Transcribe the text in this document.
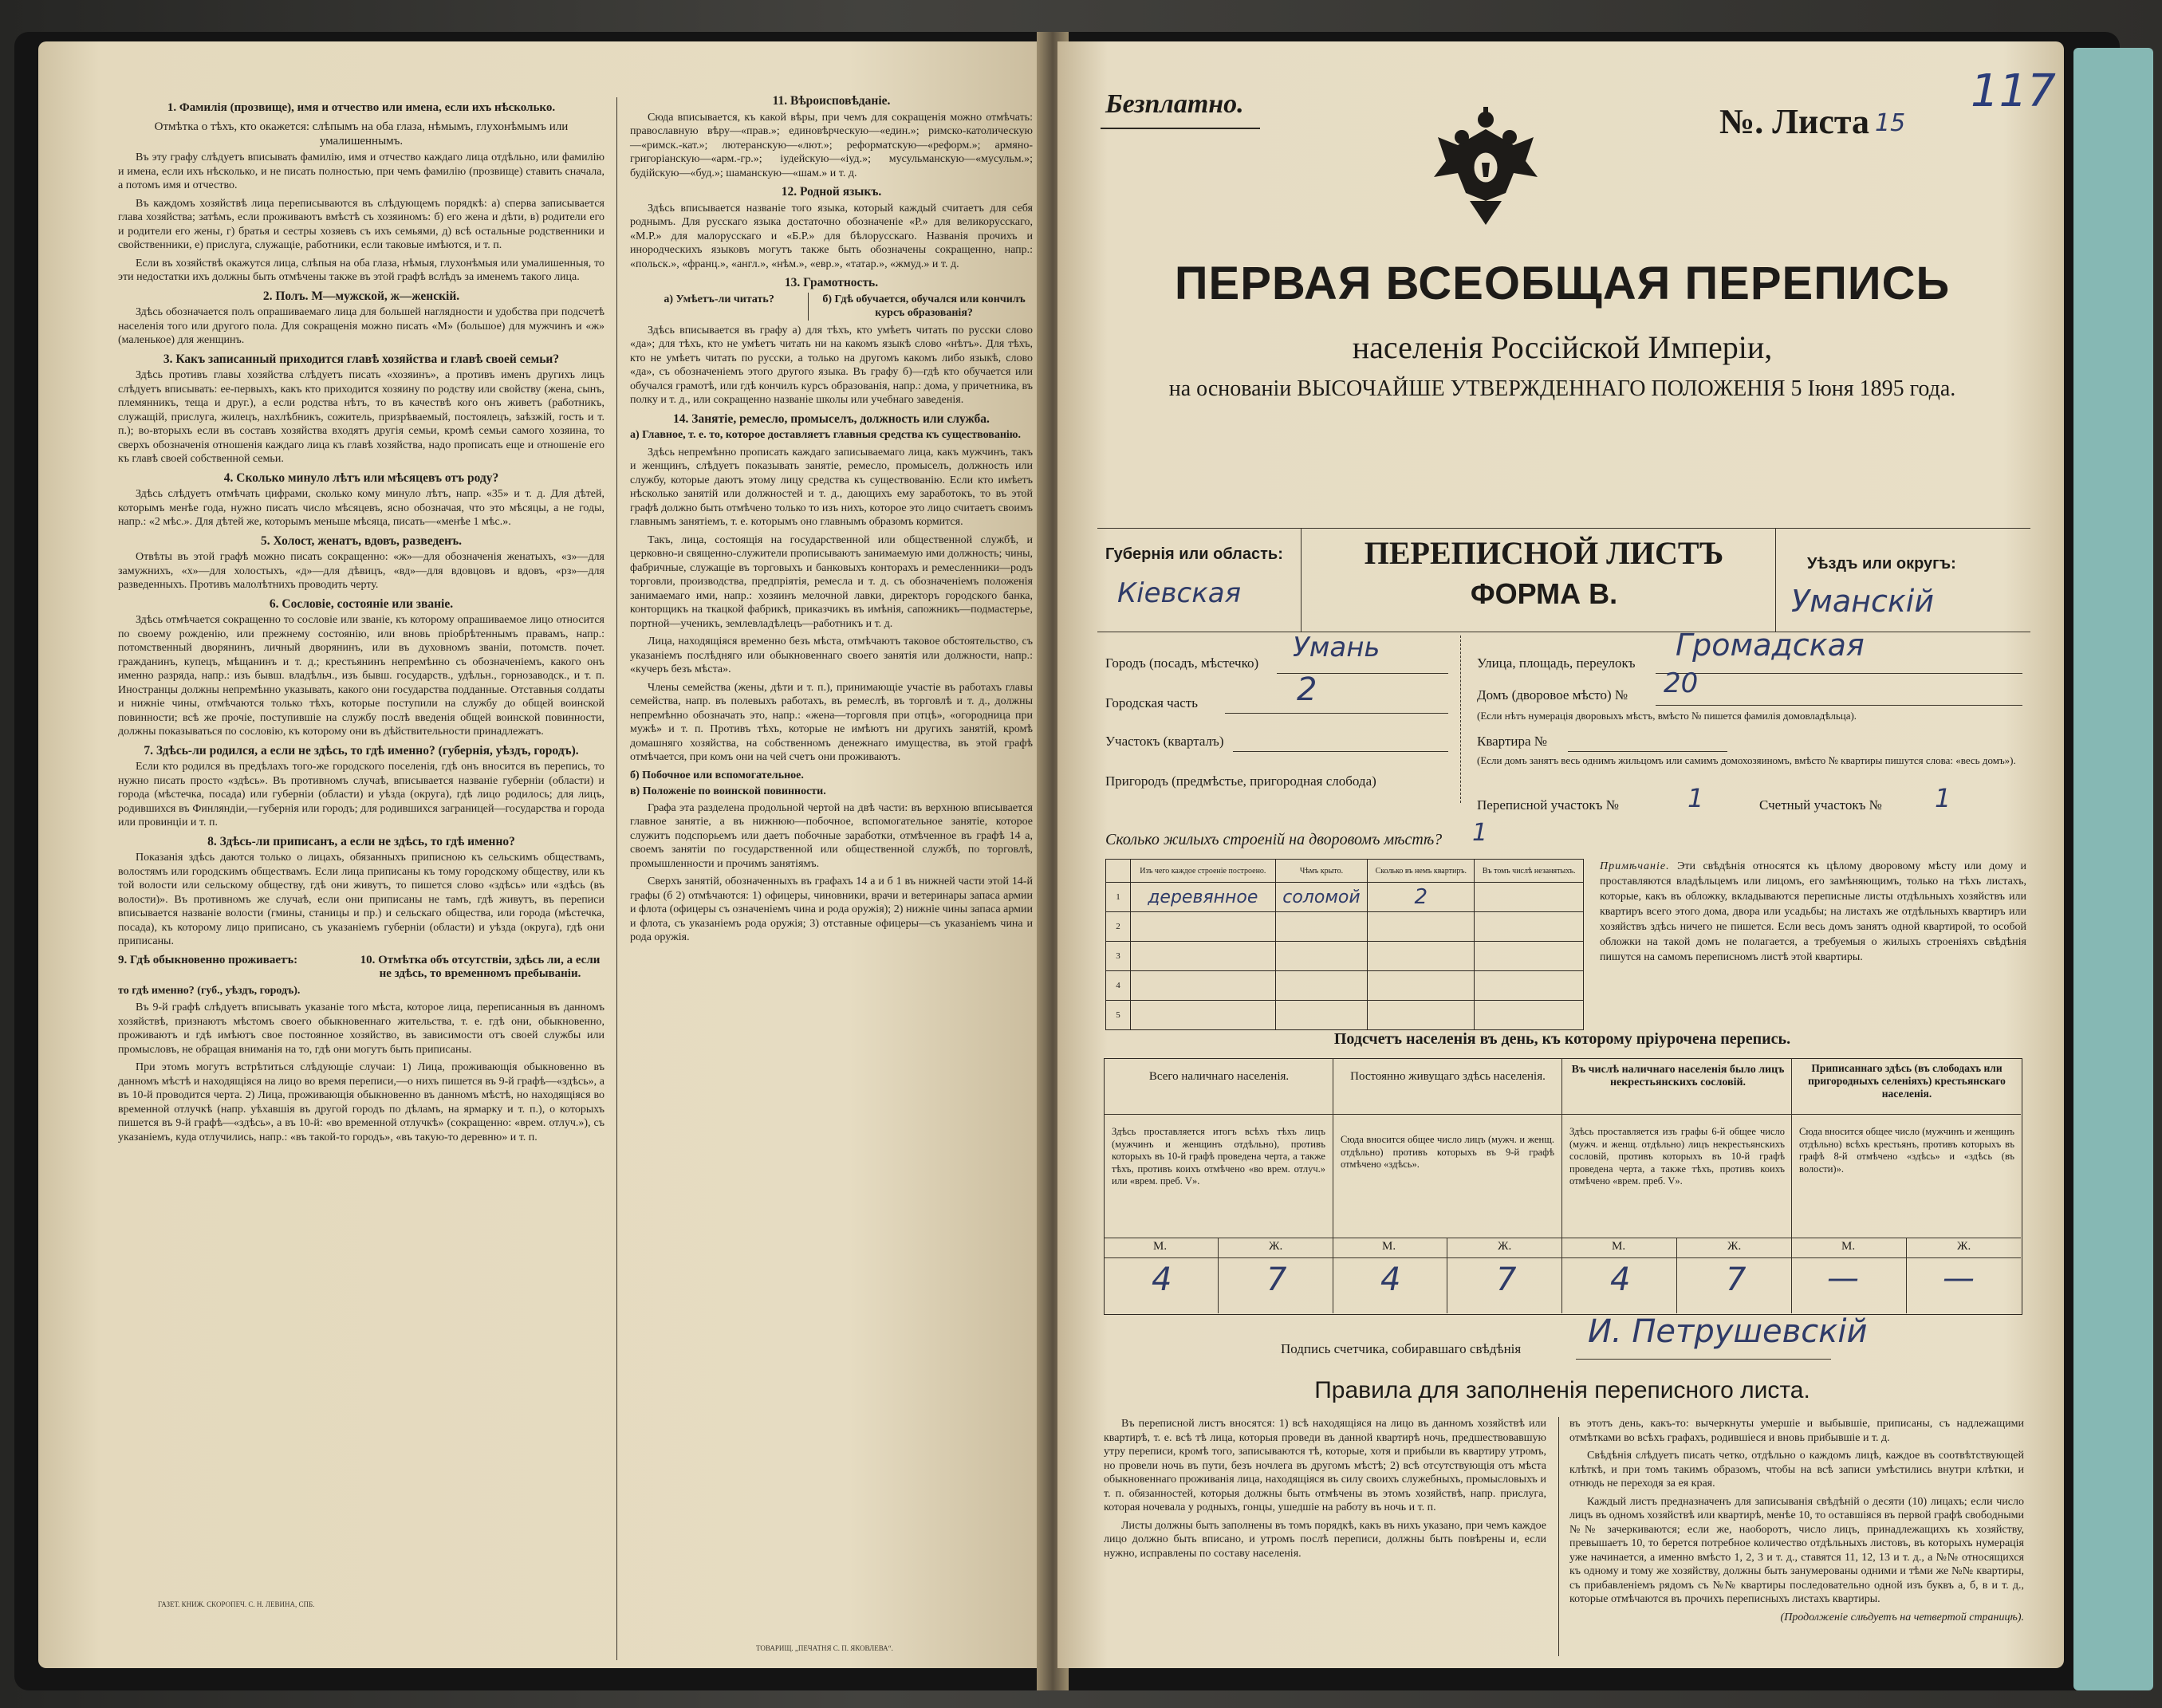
1. Фамилія (прозвище), имя и отчество или имена, если ихъ нѣсколько.
Отмѣтка о тѣхъ, кто окажется: слѣпымъ на оба глаза, нѣмымъ, глухонѣмымъ или умалишеннымъ.

Въ эту графу слѣдуетъ вписывать фамилію, имя и отчество каждаго лица отдѣльно, или фамилію и имена, если ихъ нѣсколько, и не писать полностью, при чемъ фамилію (прозвище) ставить сначала, а потомъ имя и отчество.

Въ каждомъ хозяйствѣ лица переписываются въ слѣдующемъ порядкѣ: а) сперва записывается глава хозяйства; затѣмъ, если проживаютъ вмѣстѣ съ хозяиномъ: б) его жена и дѣти, в) родители его и родители его жены, г) братья и сестры хозяевъ съ ихъ семьями, д) всѣ остальные родственники и свойственники, е) прислуга, служащіе, работники, если таковые имѣются, и т. п.

Если въ хозяйствѣ окажутся лица, слѣпыя на оба глаза, нѣмыя, глухонѣмыя или умалишенныя, то эти недостатки ихъ должны быть отмѣчены также въ этой графѣ вслѣдъ за именемъ такого лица.

2. Полъ. М—мужской, ж—женскій.

Здѣсь обозначается полъ опрашиваемаго лица для большей наглядности и удобства при подсчетѣ населенія того или другого пола. Для сокращенія можно писать «М» (большое) для мужчинъ и «ж» (маленькое) для женщинъ.

3. Какъ записанный приходится главѣ хозяйства и главѣ своей семьи?

Здѣсь противъ главы хозяйства слѣдуетъ писать «хозяинъ», а противъ именъ другихъ лицъ слѣдуетъ вписывать: ее-первыхъ, какъ кто приходится хозяину по родству или свойству (жена, сынъ, племянникъ, теща и друг.), а если родства нѣтъ, то въ качествѣ кого онъ живетъ (работникъ, служащій, прислуга, жилецъ, нахлѣбникъ, сожитель, призрѣваемый, постоялецъ, заѣзжій, гость и т. п.); во-вторыхъ если въ составъ хозяйства входятъ другія семьи, кромѣ семьи самого хозяина, то сверхъ обозначенія отношенія каждаго лица къ главѣ хозяйства, надо прописать еще и отношеніе его къ главѣ своей собственной семьи.

4. Сколько минуло лѣтъ или мѣсяцевъ отъ роду?

Здѣсь слѣдуетъ отмѣчать цифрами, сколько кому минуло лѣтъ, напр. «35» и т. д. Для дѣтей, которымъ менѣе года, нужно писать число мѣсяцевъ, ясно обозначая, что это мѣсяцы, а не годы, напр.: «2 мѣс.». Для дѣтей же, которымъ меньше мѣсяца, писать—«менѣе 1 мѣс.».

5. Холост, женатъ, вдовъ, разведенъ.

Отвѣты въ этой графѣ можно писать сокращенно: «ж»—для обозначенія женатыхъ, «з»—для замужнихъ, «х»—для холостыхъ, «д»—для дѣвицъ, «вд»—для вдовцовъ и вдовъ, «рз»—для разведенныхъ. Противъ малолѣтнихъ проводить черту.

6. Сословіе, состояніе или званіе.

Здѣсь отмѣчается сокращенно то сословіе или званіе, къ которому опрашиваемое лицо относится по своему рожденію, или прежнему состоянію, или вновь пріобрѣтеннымъ правамъ, напр.: потомственный дворянинъ, личный дворянинъ, или въ духовномъ званіи, потомств. почет. гражданинъ, купецъ, мѣщанинъ и т. д.; крестьянинъ непремѣнно съ обозначеніемъ, какого онъ именно разряда, напр.: изъ бывш. владѣльч., изъ бывш. государств., удѣльн., горнозаводск., и т. п. Иностранцы должны непремѣнно указывать, какого они государства подданные. Отставныя солдаты и нижніе чины, отмѣчаются только тѣхъ, которые поступили на службу до общей воинской повинности; всѣ же прочіе, поступившіе на службу послѣ введенія общей воинской повинности, должны показываться по сословію, къ которому они въ дѣйствительности принадлежатъ.

7. Здѣсь-ли родился, а если не здѣсь, то гдѣ именно? (губернія, уѣздъ, городъ).

Если кто родился въ предѣлахъ того-же городского поселенія, гдѣ онъ вносится въ перепись, то нужно писать просто «здѣсь». Въ противномъ случаѣ, вписывается названіе губерніи (области) и города (мѣстечка, посада) или губерніи (области) и уѣзда (округа), гдѣ лицо родилось; для лицъ, родившихся въ Финляндіи,—губернія или городъ; для родившихся заграницей—государства и города или провинціи и т. п.

8. Здѣсь-ли приписанъ, а если не здѣсь, то гдѣ именно?

Показанія здѣсь даются только о лицахъ, обязанныхъ приписною къ сельскимъ обществамъ, волостямъ или городскимъ обществамъ. Если лица приписаны къ тому городскому обществу, или къ той волости или сельскому обществу, гдѣ они живутъ, то пишется слово «здѣсь» или «здѣсь (въ волости)». Въ противномъ же случаѣ, если они приписаны не тамъ, гдѣ живутъ, въ переписи вписывается названіе волости (гмины, станицы и пр.) и сельскаго общества, или города (мѣстечка, посада), къ которому лицо приписано, съ указаніемъ губерніи (области) и уѣзда (округа), гдѣ они приписаны.

9. Гдѣ обыкновенно проживаетъ:	10. Отмѣтка объ отсутствіи, здѣсь ли, а если не здѣсь, то временномъ пребываніи.
то гдѣ именно? (губ., уѣздъ, городъ).

Въ 9-й графѣ слѣдуетъ вписывать указаніе того мѣста, которое лица, переписанныя въ данномъ хозяйствѣ, признаютъ мѣстомъ своего обыкновеннаго жительства, т. е. гдѣ они, обыкновенно, проживаютъ и гдѣ имѣютъ свое постоянное хозяйство, въ зависимости отъ своей службы или промысловъ, не обращая вниманія на то, гдѣ они могутъ быть приписаны.

При этомъ могутъ встрѣтиться слѣдующіе случаи: 1) Лица, проживающія обыкновенно въ данномъ мѣстѣ и находящіяся на лицо во время переписи,—о нихъ пишется въ 9-й графѣ—«здѣсь», а въ 10-й проводится черта. 2) Лица, проживающія обыкновенно въ данномъ мѣстѣ, но находящіяся во временной отлучкѣ (напр. уѣхавшія въ другой городъ по дѣламъ, на ярмарку и т. п.), о которыхъ пишется въ 9-й графѣ—«здѣсь», а въ 10-й: «во временной отлучкѣ» (сокращенно: «врем. отлуч.»), съ указаніемъ, куда отлучились, напр.: «въ такой-то городъ», «въ такую-то деревню» и т. п.

ГАЗЕТ. КНИЖ. СКОРОПЕЧ. С. Н. ЛЕВИНА, СПБ.
11. Вѣроисповѣданіе.

Сюда вписывается, къ какой вѣры, при чемъ для сокращенія можно отмѣчать: православную вѣру—«прав.»; единовѣрческую—«един.»; римско-католическую—«римск.-кат.»; лютеранскую—«лют.»; реформатскую—«реформ.»; армяно-григоріанскую—«арм.-гр.»; іудейскую—«іуд.»; мусульманскую—«мусульм.»; будійскую—«буд.»; шаманскую—«шам.» и т. д.

12. Родной языкъ.

Здѣсь вписывается названіе того языка, который каждый считаетъ для себя роднымъ. Для русскаго языка достаточно обозначеніе «Р.» для великорусскаго, «М.Р.» для малорусскаго и «Б.Р.» для бѣлорусскаго. Названія прочихъ и инородческихъ языковъ могутъ также быть обозначены сокращенно, напр.: «польск.», «франц.», «англ.», «нѣм.», «евр.», «татар.», «жмуд.» и т. д.

13. Грамотность.
а) Умѣетъ-ли читать?	б) Гдѣ обучается, обучался или кончилъ курсъ образованія?

Здѣсь вписывается въ графу а) для тѣхъ, кто умѣетъ читать по русски слово «да»; для тѣхъ, кто не умѣетъ читать ни на какомъ языкѣ слово «нѣтъ». Для тѣхъ, кто не умѣетъ читать по русски, а только на другомъ какомъ либо языкѣ, слово «да», съ обозначеніемъ этого другого языка. Въ графу б)—гдѣ кто обучается или обучался грамотѣ, или гдѣ кончилъ курсъ образованія, напр.: дома, у причетника, въ полку и т. д., или сокращенно названіе школы или учебнаго заведенія.

14. Занятіе, ремесло, промыселъ, должность или служба.
а) Главное, т. е. то, которое доставляетъ главныя средства къ существованію.

Здѣсь непремѣнно прописать каждаго записываемаго лица, какъ мужчинъ, такъ и женщинъ, слѣдуетъ показывать занятіе, ремесло, промыселъ, должность или службу, которые даютъ этому лицу средства къ существованію. Если кто имѣетъ нѣсколько занятій или должностей и т. д., дающихъ ему заработокъ, то въ этой графѣ должно быть отмѣчено только то изъ нихъ, которое это лицо считаетъ своимъ главнымъ занятіемъ, т. е. которымъ оно главнымъ образомъ кормится.

Такъ, лица, состоящія на государственной или общественной службѣ, и церковно-и священно-служители прописываютъ занимаемую ими должность; чины, фабричные, служащіе въ торговыхъ и банковыхъ конторахъ и ремесленники—родъ торговли, производства, предпріятія, ремесла и т. д. съ обозначеніемъ положенія занимаемаго ими, напр.: хозяинъ мелочной лавки, директоръ городского банка, конторщикъ на ткацкой фабрикѣ, приказчикъ въ имѣнія, сапожникъ—подмастерье, портной—ученикъ, землевладѣлецъ—работникъ и т. д.

Лица, находящіяся временно безъ мѣста, отмѣчаютъ таковое обстоятельство, съ указаніемъ послѣдняго или обыкновеннаго своего занятія или должности, напр.: «кучеръ безъ мѣста».

Члены семейства (жены, дѣти и т. п.), принимающіе участіе въ работахъ главы семейства, напр. въ полевыхъ работахъ, въ ремеслѣ, въ торговлѣ и т. д., должны непремѣнно обозначать это, напр.: «жена—торговля при отцѣ», «огородница при мужѣ» и т. п. Противъ тѣхъ, которые не имѣютъ ни другихъ занятій, кромѣ домашняго хозяйства, на собственномъ денежнаго имущества, въ этой графѣ отмѣчается, при комъ они на чей счетъ они проживаютъ.

б) Побочное или вспомогательное.
в) Положеніе по воинской повинности.

Графа эта разделена продольной чертой на двѣ части: въ верхнюю вписывается главное занятіе, а въ нижнюю—побочное, вспомогательное занятіе, которое служитъ подспорьемъ или даетъ побочные заработки, отмѣченное въ графѣ 14 а, своемъ занятіи по государственной или общественной службѣ, по торговлѣ, промышленности и прочимъ занятіямъ.

Сверхъ занятій, обозначенныхъ въ графахъ 14 а и б 1 въ нижней части этой 14-й графы (б 2) отмѣчаются: 1) офицеры, чиновники, врачи и ветеринары запаса армии и флота (офицеры съ означеніемъ чина и рода оружія); 2) нижніе чины запаса армии и флота, съ указаніемъ рода оружія; 3) отставные офицеры—съ указаніемъ чина и рода оружія.

ТОВАРИЩ. „ПЕЧАТНЯ С. П. ЯКОВЛЕВА“.
Безплатно.	№. Листа 15
117
ПЕРВАЯ ВСЕОБЩАЯ ПЕРЕПИСЬ
населенія Россійской Имперіи,
на основаніи ВЫСОЧАЙШЕ УТВЕРЖДЕННАГО ПОЛОЖЕНІЯ 5 Іюня 1895 года.
Губернія или область:
Кіевская
ПЕРЕПИСНОЙ ЛИСТЪ
ФОРМА В.
Уѣздъ или округъ:
Уманскій
Городъ (посадъ, мѣстечко) Умань
Городская часть	2
Участокъ (кварталъ)
Пригородъ (предмѣстье, пригородная слобода)
Улица, площадь, переулокъ
Громадская
Домъ (дворовое мѣсто) № 20
(Если нѣтъ нумерація дворовыхъ мѣстъ, вмѣсто № пишется фамилія домовладѣльца).
Квартира №
(Если домъ занятъ весь однимъ жильцомъ или самимъ домохозяиномъ, вмѣсто № квартиры пишутся слова: «весь домъ»).
Переписной участокъ №	1	Счетный участокъ № 1
Сколько жилыхъ строеній на дворовомъ мѣстѣ? 1
	Изъ чего каждое строеніе построено.	Чѣмъ крыто.	Сколько въ немъ квартиръ.	Въ томъ числѣ незанятыхъ.
1	деревянное	соломой	2	
2				
3				
4				
5				
Примѣчаніе. Эти свѣдѣнія относятся къ цѣлому дворовому мѣсту или дому и проставляются владѣльцемъ или лицомъ, его замѣняющимъ, только на тѣхъ листахъ, которые, какъ въ обложку, вкладываются переписные листы отдѣльныхъ хозяйствъ или квартиръ всего этого дома, двора или усадьбы; на листахъ же отдѣльныхъ квартиръ или хозяйствъ здѣсь ничего не пишется. Если весь домъ занятъ одной квартирой, то особой обложки на такой домъ не полагается, а требуемыя о жилыхъ строеніяхъ свѣдѣнія пишутся на самомъ переписномъ листѣ этой квартиры.
Подсчетъ населенія въ день, къ которому пріурочена перепись.
Всего наличнаго населенія.
Здѣсь проставляется итогъ всѣхъ тѣхъ лицъ (мужчинъ и женщинъ отдѣльно), противъ которыхъ въ 10-й графѣ проведена черта, а также тѣхъ, противъ коихъ отмѣчено «во врем. отлуч.» или «врем. преб. V».
Постоянно живущаго здѣсь населенія.
Сюда вносится общее число лицъ (мужч. и женщ. отдѣльно) противъ которыхъ въ 9-й графѣ отмѣчено «здѣсь».
Въ числѣ наличнаго населенія было лицъ некрестьянскихъ сословій.
Здѣсь проставляется изъ графы 6-й общее число (мужч. и женщ. отдѣльно) лицъ некрестьянскихъ сословій, противъ которыхъ въ 10-й графѣ проведена черта, а также тѣхъ, противъ коихъ отмѣчено «врем. преб. V».
Приписаннаго здѣсь (въ слободахъ или пригородныхъ селеніяхъ) крестьянскаго населенія.
Сюда вносится общее число (мужчинъ и женщинъ отдѣльно) всѣхъ крестьянъ, противъ которыхъ въ графѣ 8-й отмѣчено «здѣсь» и «здѣсь (въ волости)».
М.	Ж.	М.	Ж.	М.	Ж.	М.	Ж.
4	7	4	7	4	7	—	—
Подпись счетчика, собиравшаго свѣдѣнія И. Петрушевскій
Правила для заполненія переписного листа.

Въ переписной листъ вносятся: 1) всѣ находящіяся на лицо въ данномъ хозяйствѣ или квартирѣ, т. е. всѣ тѣ лица, которыя проведи въ данной квартирѣ ночь, предшествовавшую утру переписи, кромѣ того, записываются тѣ, которые, хотя и прибыли въ квартиру утромъ, но провели ночь въ пути, безъ ночлега въ другомъ мѣстѣ; 2) всѣ отсутствующія отъ мѣста обыкновеннаго проживанія лица, находящіяся въ силу своихъ служебныхъ, промысловыхъ и т. п. обязанностей, которыя должны быть отмѣчены въ этомъ хозяйствѣ, напр. прислуга, которая ночевала у родныхъ, гонцы, ушедшіе на работу въ ночь и т. п.

Листы должны быть заполнены въ томъ порядкѣ, какъ въ нихъ указано, при чемъ каждое лицо должно быть вписано, и утромъ послѣ переписи, должны быть повѣрены и, если нужно, исправлены по составу населенія.

въ этотъ день, какъ-то: вычеркнуты умершіе и выбывшіе, приписаны, съ надлежащими отмѣтками во всѣхъ графахъ, родившіеся и вновь прибывшіе и т. д.

Свѣдѣнія слѣдуетъ писать четко, отдѣльно о каждомъ лицѣ, каждое въ соотвѣтствующей клѣткѣ, и при томъ такимъ образомъ, чтобы на всѣ записи умѣстились внутри клѣтки, и отнюдь не переходя за ея края.

Каждый листъ предназначенъ для записыванія свѣдѣній о десяти (10) лицахъ; если число лицъ въ одномъ хозяйствѣ или квартирѣ, менѣе 10, то оставшіяся въ первой графѣ свободными №№ зачеркиваются; если же, наоборотъ, число лицъ, принадлежащихъ къ хозяйству, превышаетъ 10, то берется потребное количество отдѣльныхъ листовъ, въ которыхъ нумерація уже начинается, а именно вмѣсто 1, 2, 3 и т. д., ставятся 11, 12, 13 и т. д., а №№ относящихся къ одному и тому же хозяйству, должны быть занумерованы одними и тѣми же №№ квартиры, съ прибавленіемъ рядомъ съ №№ квартиры последовательно одной изъ буквъ а, б, в и т. д., которые отмѣчаются въ прочихъ переписныхъ листахъ квартиры.

(Продолженіе слѣдуетъ на четвертой страницѣ).
